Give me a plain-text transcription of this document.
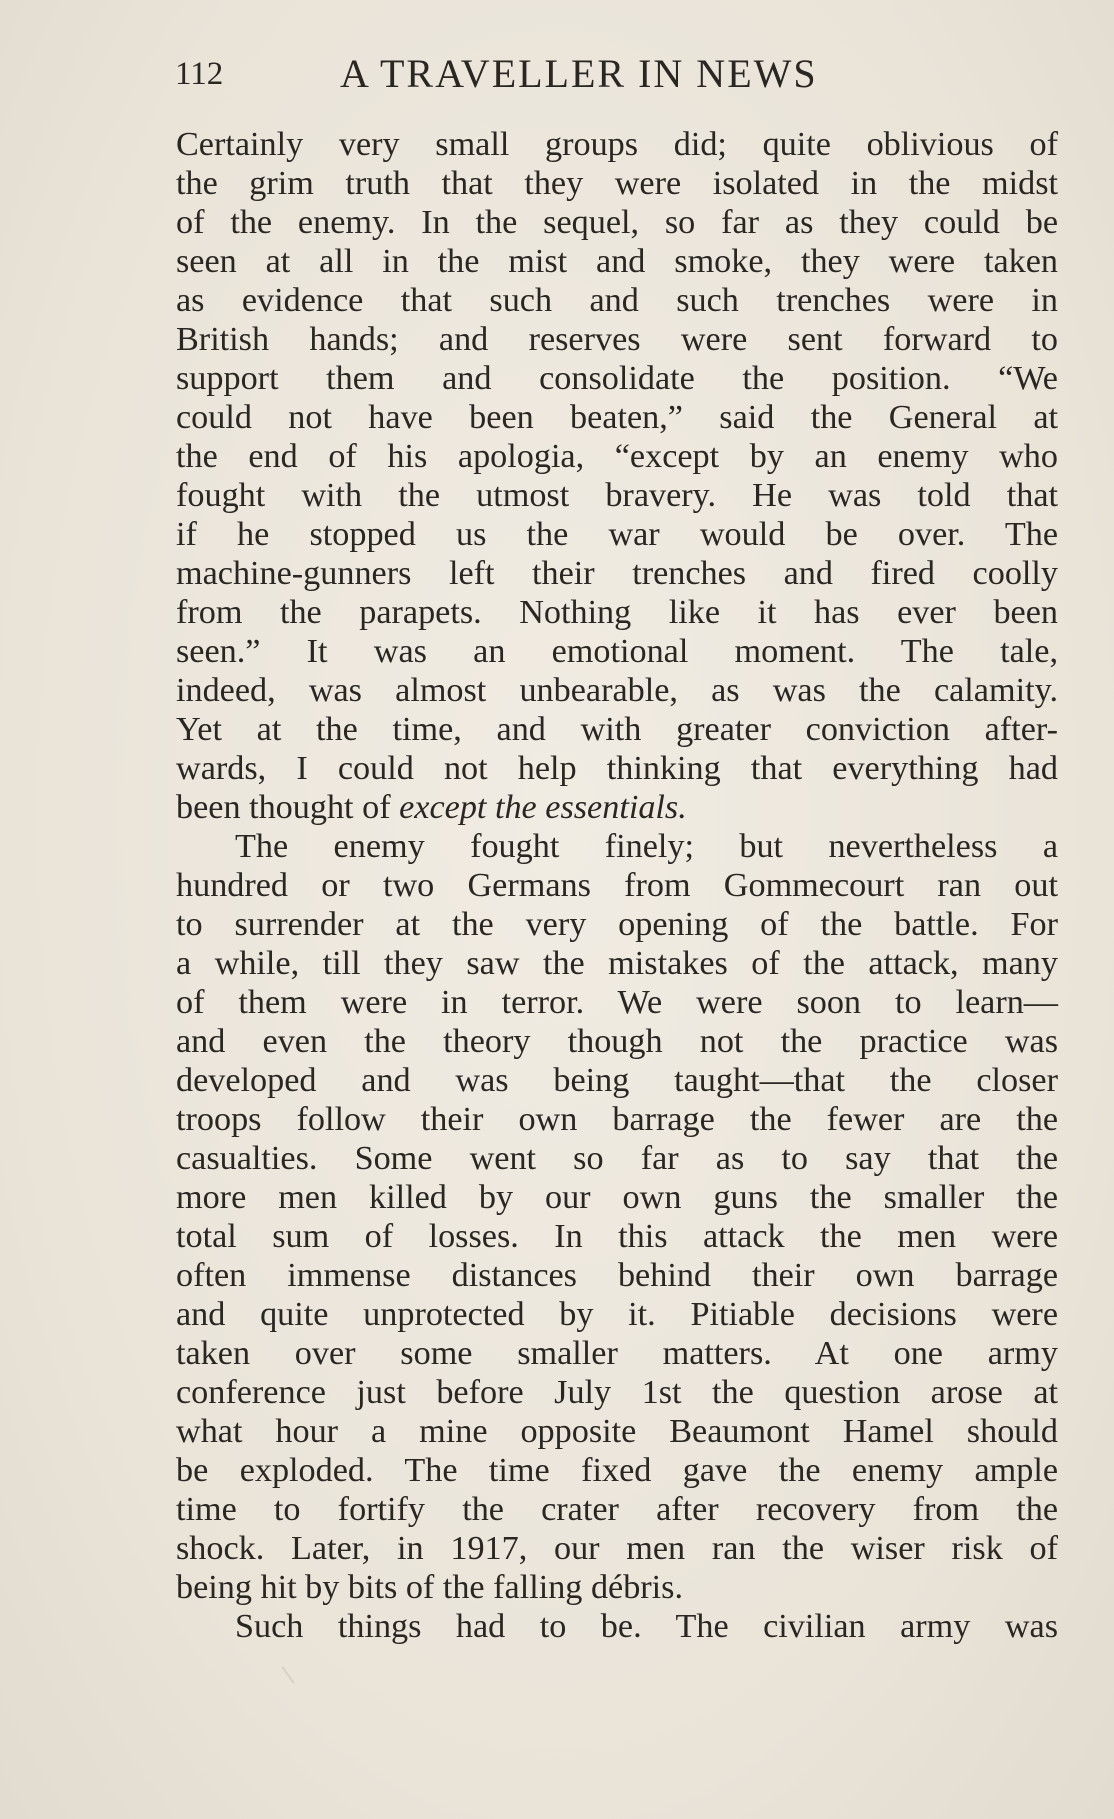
112	A TRAVELLER IN NEWS
Certainly very small groups did; quite oblivious of
the grim truth that they were isolated in the midst
of the enemy. In the sequel, so far as they could be
seen at all in the mist and smoke, they were taken
as evidence that such and such trenches were in
British hands; and reserves were sent forward to
support them and consolidate the position. “We
could not have been beaten,” said the General at
the end of his apologia, “except by an enemy who
fought with the utmost bravery. He was told that
if he stopped us the war would be over. The
machine-gunners left their trenches and fired coolly
from the parapets. Nothing like it has ever been
seen.” It was an emotional moment. The tale,
indeed, was almost unbearable, as was the calamity.
Yet at the time, and with greater conviction after-
wards, I could not help thinking that everything had
been thought of except the essentials.
The enemy fought finely; but nevertheless a
hundred or two Germans from Gommecourt ran out
to surrender at the very opening of the battle. For
a while, till they saw the mistakes of the attack, many
of them were in terror. We were soon to learn—
and even the theory though not the practice was
developed and was being taught—that the closer
troops follow their own barrage the fewer are the
casualties. Some went so far as to say that the
more men killed by our own guns the smaller the
total sum of losses. In this attack the men were
often immense distances behind their own barrage
and quite unprotected by it. Pitiable decisions were
taken over some smaller matters. At one army
conference just before July 1st the question arose at
what hour a mine opposite Beaumont Hamel should
be exploded. The time fixed gave the enemy ample
time to fortify the crater after recovery from the
shock. Later, in 1917, our men ran the wiser risk of
being hit by bits of the falling débris.
Such things had to be. The civilian army was
